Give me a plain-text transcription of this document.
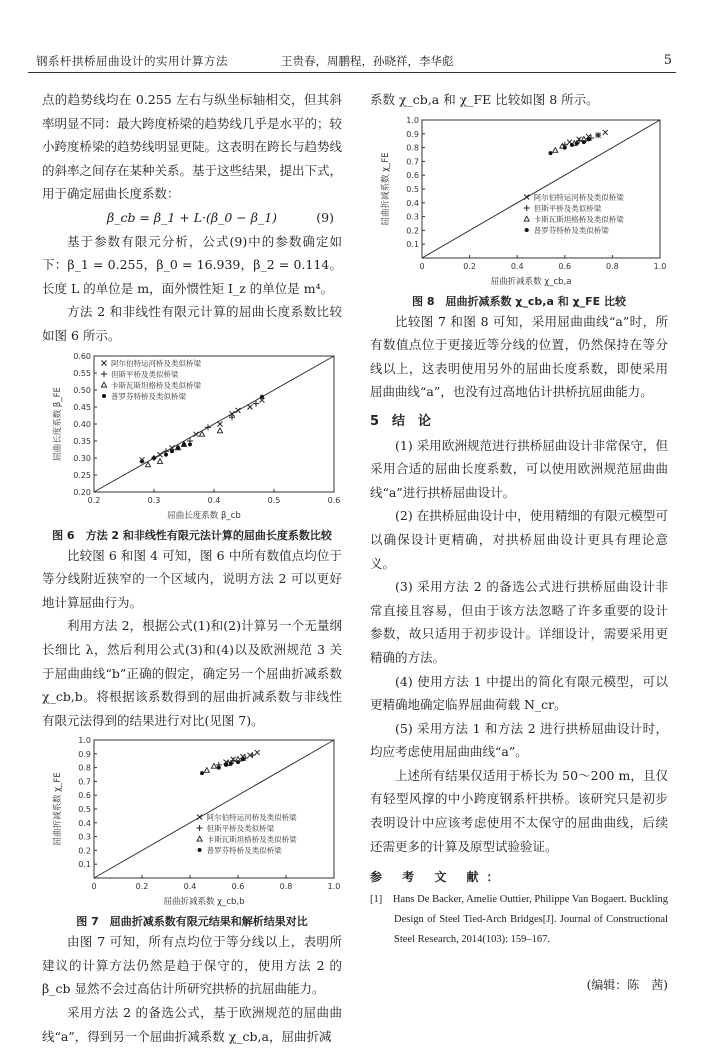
钢系杆拱桥屈曲设计的实用计算方法	王贵春，周鹏程，孙晓祥，李华彪	5

点的趋势线均在 0.255 左右与纵坐标轴相交，但其斜率明显不同：最大跨度桥梁的趋势线几乎是水平的；较小跨度桥梁的趋势线明显更陡。这表明在跨长与趋势线的斜率之间存在某种关系。基于这些结果，提出下式，用于确定屈曲长度系数：

β_cb = β_1 + L·(β_0 − β_1)	(9)

基于参数有限元分析，公式(9)中的参数确定如下：β_1 = 0.255，β_0 = 16.939，β_2 = 0.114。长度 L 的单位是 m，面外惯性矩 I_z 的单位是 m⁴。

方法 2 和非线性有限元计算的屈曲长度系数比较如图 6 所示。

0.2	0.3	0.4	0.5	0.6
0.20
0.25
0.30
0.35
0.40
0.45
0.50
0.55
0.60
屈曲长度系数 β_cb
屈曲长度系数 β_FE
阿尔伯特运河桥及类似桥梁
但斯平桥及类似桥梁
卡斯瓦斯坦格桥及类似桥梁
普罗芬特桥及类似桥梁
图 6　方法 2 和非线性有限元法计算的屈曲长度系数比较

比较图 6 和图 4 可知，图 6 中所有数值点均位于等分线附近狭窄的一个区域内，说明方法 2 可以更好地计算屈曲行为。

利用方法 2，根据公式(1)和(2)计算另一个无量纲长细比 λ，然后利用公式(3)和(4)以及欧洲规范 3 关于屈曲曲线“b”正确的假定，确定另一个屈曲折减系数 χ_cb,b。将根据该系数得到的屈曲折减系数与非线性有限元法得到的结果进行对比(见图 7)。

0	0.2	0.4	0.6	0.8	1.0
0.1
0.2
0.3
0.4
0.5
0.6
0.7
0.8
0.9
1.0
屈曲折减系数 χ_cb,b
屈曲折减系数 χ_FE	阿尔伯特运河桥及类似桥梁
但斯平桥及类似桥梁
卡斯瓦斯坦格桥及类似桥梁
普罗芬特桥及类似桥梁
图 7　屈曲折减系数有限元结果和解析结果对比

由图 7 可知，所有点均位于等分线以上，表明所建议的计算方法仍然是趋于保守的，使用方法 2 的 β_cb 显然不会过高估计所研究拱桥的抗屈曲能力。

采用方法 2 的备选公式，基于欧洲规范的屈曲曲线“a”，得到另一个屈曲折减系数 χ_cb,a，屈曲折减

系数 χ_cb,a 和 χ_FE 比较如图 8 所示。

0	0.2	0.4	0.6	0.8	1.0
0.1
0.2
0.3
0.4
0.5
0.6
0.7
0.8
0.9
1.0
屈曲折减系数 χ_cb,a
屈曲折减系数 χ_FE	阿尔伯特运河桥及类似桥梁
但斯平桥及类似桥梁
卡斯瓦斯坦格桥及类似桥梁
普罗芬特桥及类似桥梁
图 8　屈曲折减系数 χ_cb,a 和 χ_FE 比较

比较图 7 和图 8 可知，采用屈曲曲线“a”时，所有数值点位于更接近等分线的位置，仍然保持在等分线以上，这表明使用另外的屈曲长度系数，即使采用屈曲曲线“a”，也没有过高地估计拱桥抗屈曲能力。

5　结　论

(1) 采用欧洲规范进行拱桥屈曲设计非常保守，但采用合适的屈曲长度系数，可以使用欧洲规范屈曲曲线“a”进行拱桥屈曲设计。

(2) 在拱桥屈曲设计中，使用精细的有限元模型可以确保设计更精确，对拱桥屈曲设计更具有理论意义。

(3) 采用方法 2 的备选公式进行拱桥屈曲设计非常直接且容易，但由于该方法忽略了许多重要的设计参数，故只适用于初步设计。详细设计，需要采用更精确的方法。

(4) 使用方法 1 中提出的简化有限元模型，可以更精确地确定临界屈曲荷载 N_cr。

(5) 采用方法 1 和方法 2 进行拱桥屈曲设计时，均应考虑使用屈曲曲线“a”。

上述所有结果仅适用于桥长为 50～200 m，且仅有轻型风撑的中小跨度钢系杆拱桥。该研究只是初步表明设计中应该考虑使用不太保守的屈曲曲线，后续还需更多的计算及原型试验验证。

参 考 文 献：

[1]　Hans De Backer, Amelie Outtier, Philippe Van Bogaert. Buckling Design of Steel Tied-Arch Bridges[J]. Journal of Constructional Steel Research, 2014(103): 159–167.

(编辑：陈　茜)
